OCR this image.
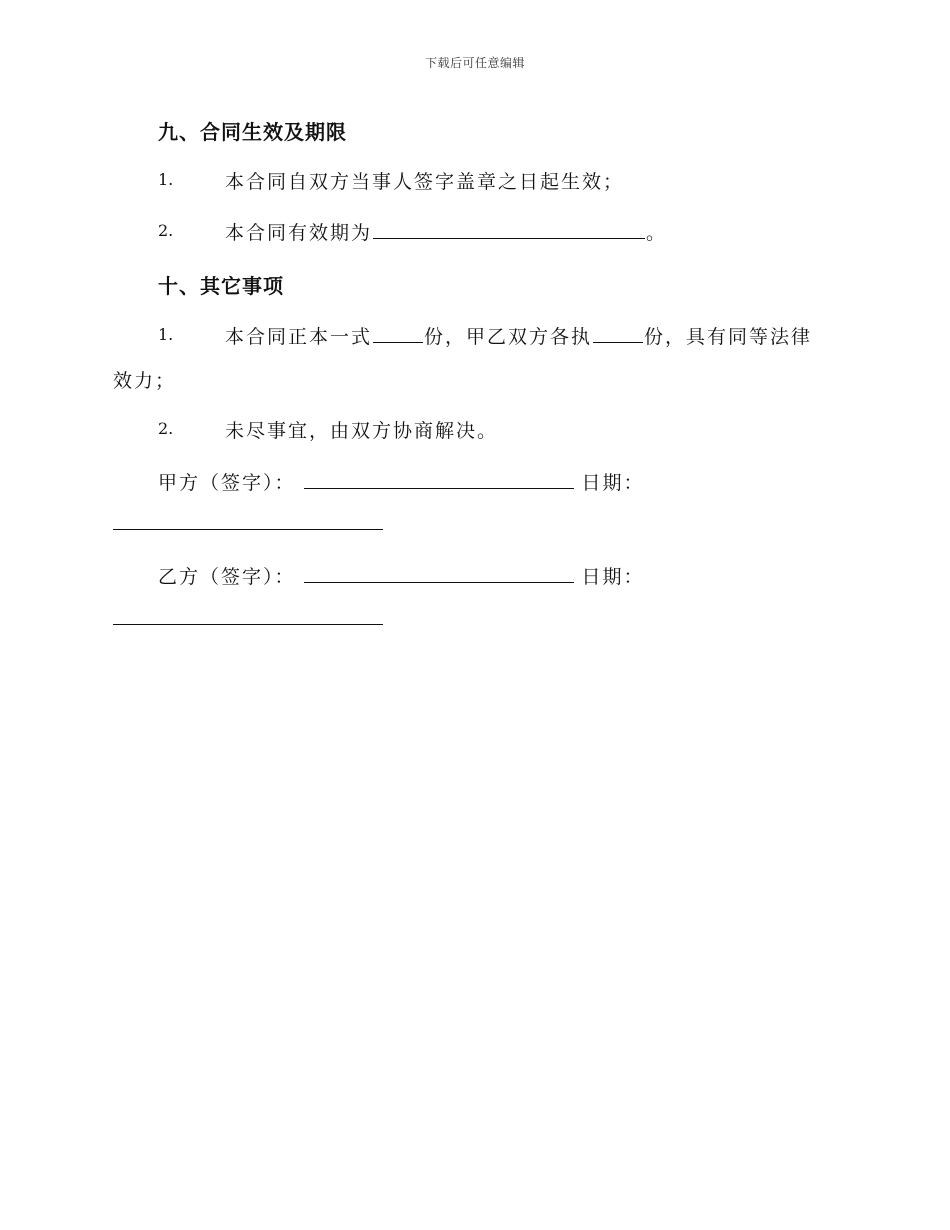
下载后可任意编辑
九、合同生效及期限
1.	本合同自双方当事人签字盖章之日起生效；
2.	本合同有效期为	。
十、其它事项
1.	本合同正本一式	份，甲乙双方各执	份，具有同等法律
效力；
2.	未尽事宜，由双方协商解决。
甲方（签字）：	日期：
乙方（签字）：	日期：
